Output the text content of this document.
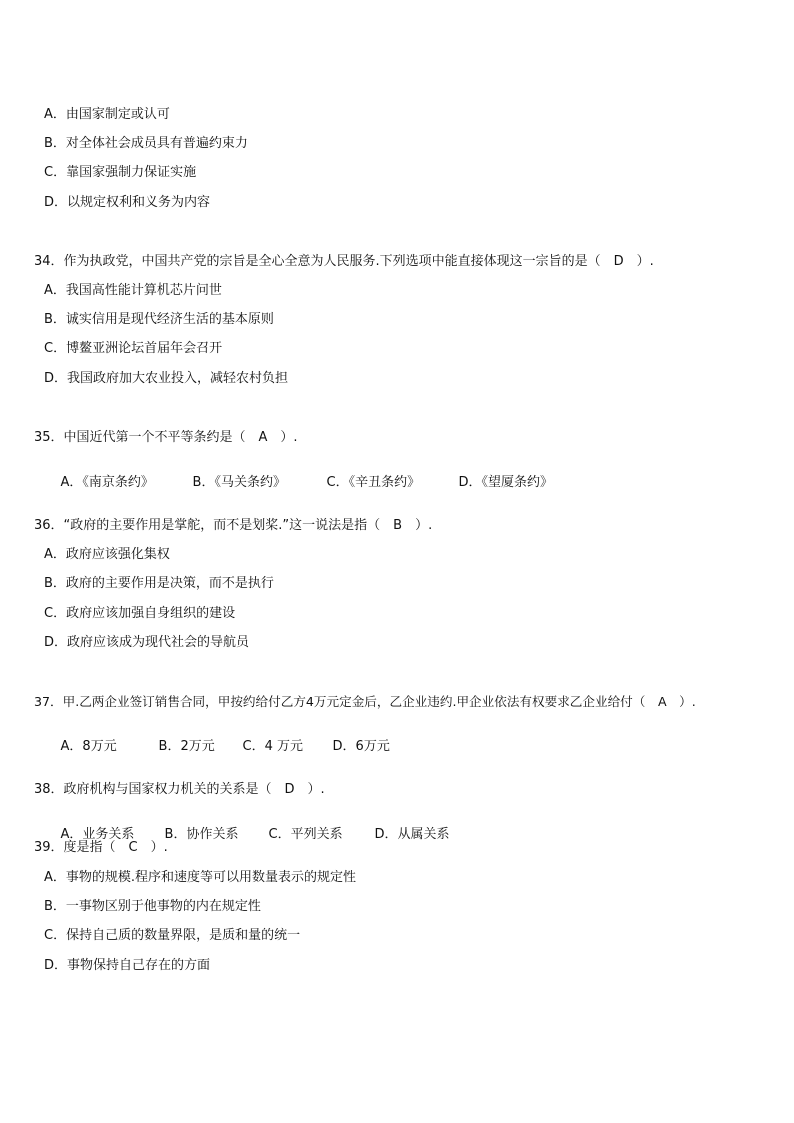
A．由国家制定或认可
B．对全体社会成员具有普遍约束力
C．靠国家强制力保证实施
D．以规定权利和义务为内容
34．作为执政党，中国共产党的宗旨是全心全意为人民服务.下列选项中能直接体现这一宗旨的是（　D　）.
A．我国高性能计算机芯片问世
B．诚实信用是现代经济生活的基本原则
C．博鳌亚洲论坛首届年会召开
D．我国政府加大农业投入，减轻农村负担
35．中国近代第一个不平等条约是（　A　）.

A．《南京条约》	B．《马关条约》	C．《辛丑条约》	D．《望厦条约》

36．“政府的主要作用是掌舵，而不是划桨.”这一说法是指（　B　）.
A．政府应该强化集权
B．政府的主要作用是决策，而不是执行
C．政府应该加强自身组织的建设
D．政府应该成为现代社会的导航员
37．甲.乙两企业签订销售合同，甲按约给付乙方4万元定金后，乙企业违约.甲企业依法有权要求乙企业给付（　A　）.

A．8万元	B．2万元 C．4 万元 D．6万元

38．政府机构与国家权力机关的关系是（　D　）.

A．业务关系 B．协作关系 C．平列关系 D．从属关系

39．度是指（　C　）.
A．事物的规模.程序和速度等可以用数量表示的规定性
B．一事物区别于他事物的内在规定性
C．保持自己质的数量界限，是质和量的统一
D．事物保持自己存在的方面
